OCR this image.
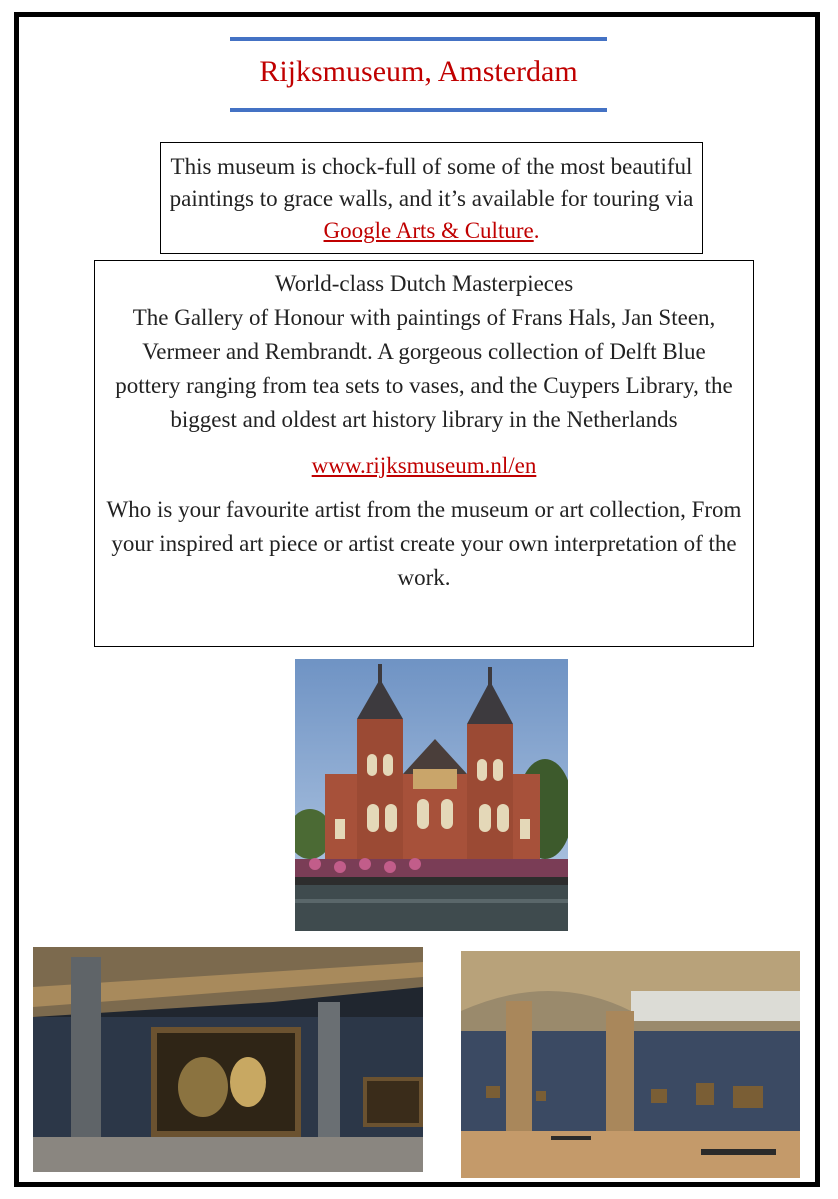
Rijksmuseum, Amsterdam
This museum is chock-full of some of the most beautiful paintings to grace walls, and it’s available for touring via Google Arts & Culture.

World-class Dutch Masterpieces

The Gallery of Honour with paintings of Frans Hals, Jan Steen, Vermeer and Rembrandt. A gorgeous collection of Delft Blue pottery ranging from tea sets to vases, and the Cuypers Library, the biggest and oldest art history library in the Netherlands

www.rijksmuseum.nl/en

Who is your favourite artist from the museum or art collection, From your inspired art piece or artist create your own interpretation of the work.
